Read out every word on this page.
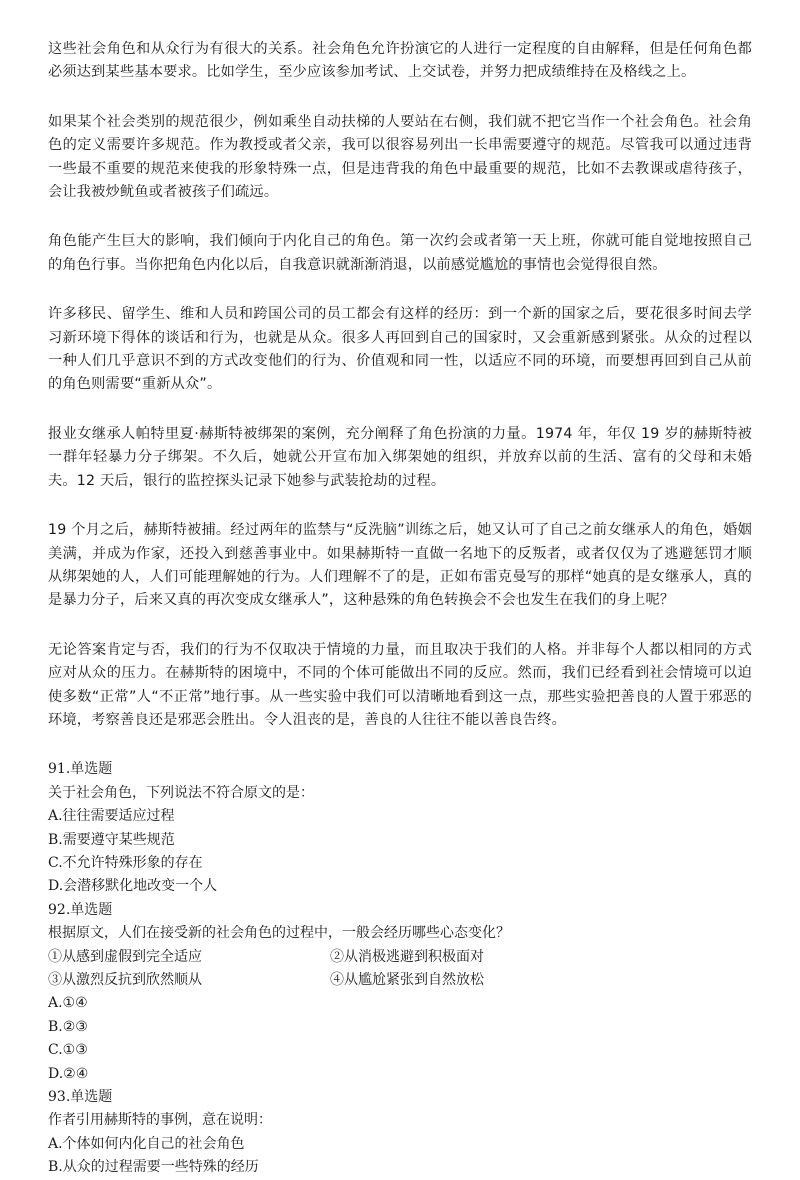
这些社会角色和从众行为有很大的关系。社会角色允许扮演它的人进行一定程度的自由解释，但是任何角色都必须达到某些基本要求。比如学生，至少应该参加考试、上交试卷，并努力把成绩维持在及格线之上。

如果某个社会类别的规范很少，例如乘坐自动扶梯的人要站在右侧，我们就不把它当作一个社会角色。社会角色的定义需要许多规范。作为教授或者父亲，我可以很容易列出一长串需要遵守的规范。尽管我可以通过违背一些最不重要的规范来使我的形象特殊一点，但是违背我的角色中最重要的规范，比如不去教课或虐待孩子，会让我被炒鱿鱼或者被孩子们疏远。

角色能产生巨大的影响，我们倾向于内化自己的角色。第一次约会或者第一天上班，你就可能自觉地按照自己的角色行事。当你把角色内化以后，自我意识就渐渐消退，以前感觉尴尬的事情也会觉得很自然。

许多移民、留学生、维和人员和跨国公司的员工都会有这样的经历：到一个新的国家之后，要花很多时间去学习新环境下得体的谈话和行为，也就是从众。很多人再回到自己的国家时，又会重新感到紧张。从众的过程以一种人们几乎意识不到的方式改变他们的行为、价值观和同一性，以适应不同的环境，而要想再回到自己从前的角色则需要“重新从众”。

报业女继承人帕特里夏·赫斯特被绑架的案例，充分阐释了角色扮演的力量。1974 年，年仅 19 岁的赫斯特被一群年轻暴力分子绑架。不久后，她就公开宣布加入绑架她的组织，并放弃以前的生活、富有的父母和未婚夫。12 天后，银行的监控探头记录下她参与武装抢劫的过程。

19 个月之后，赫斯特被捕。经过两年的监禁与“反洗脑”训练之后，她又认可了自己之前女继承人的角色，婚姻美满，并成为作家，还投入到慈善事业中。如果赫斯特一直做一名地下的反叛者，或者仅仅为了逃避惩罚才顺从绑架她的人，人们可能理解她的行为。人们理解不了的是，正如布雷克曼写的那样“她真的是女继承人，真的是暴力分子，后来又真的再次变成女继承人”，这种悬殊的角色转换会不会也发生在我们的身上呢？

无论答案肯定与否，我们的行为不仅取决于情境的力量，而且取决于我们的人格。并非每个人都以相同的方式应对从众的压力。在赫斯特的困境中，不同的个体可能做出不同的反应。然而，我们已经看到社会情境可以迫使多数“正常”人“不正常”地行事。从一些实验中我们可以清晰地看到这一点，那些实验把善良的人置于邪恶的环境，考察善良还是邪恶会胜出。令人沮丧的是，善良的人往往不能以善良告终。

91.单选题
关于社会角色，下列说法不符合原文的是：
A.往往需要适应过程
B.需要遵守某些规范
C.不允许特殊形象的存在
D.会潜移默化地改变一个人
92.单选题
根据原文，人们在接受新的社会角色的过程中，一般会经历哪些心态变化？
①从感到虚假到完全适应	②从消极逃避到积极面对
③从激烈反抗到欣然顺从	④从尴尬紧张到自然放松
A.①④
B.②③
C.①③
D.②④
93.单选题
作者引用赫斯特的事例，意在说明：
A.个体如何内化自己的社会角色
B.从众的过程需要一些特殊的经历
